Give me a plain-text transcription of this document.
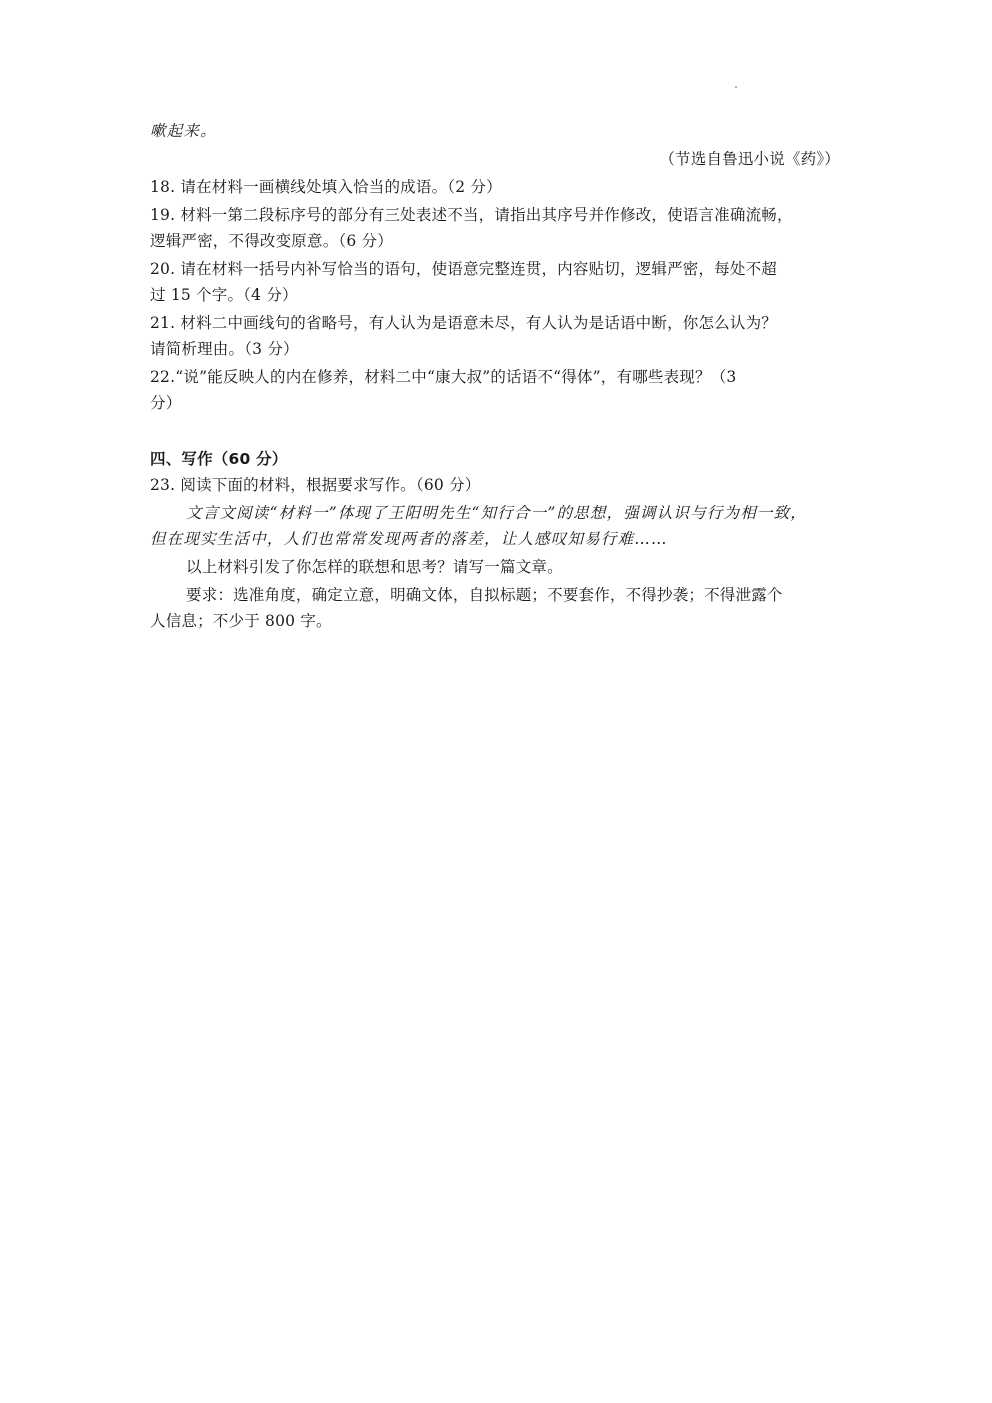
嗽起来。
（节选自鲁迅小说《药》）
18. 请在材料一画横线处填入恰当的成语。（2 分）
19. 材料一第二段标序号的部分有三处表述不当，请指出其序号并作修改，使语言准确流畅，
逻辑严密，不得改变原意。（6 分）
20. 请在材料一括号内补写恰当的语句，使语意完整连贯，内容贴切，逻辑严密，每处不超
过 15 个字。（4 分）
21. 材料二中画线句的省略号，有人认为是语意未尽，有人认为是话语中断，你怎么认为？
请简析理由。（3 分）
22.“说”能反映人的内在修养，材料二中“康大叔”的话语不“得体”，有哪些表现？（3
分）
四、写作（60 分）
23. 阅读下面的材料，根据要求写作。（60 分）
文言文阅读“材料一”体现了王阳明先生“知行合一”的思想，强调认识与行为相一致，
但在现实生活中，人们也常常发现两者的落差，让人感叹知易行难……
以上材料引发了你怎样的联想和思考？请写一篇文章。
要求：选准角度，确定立意，明确文体，自拟标题；不要套作，不得抄袭；不得泄露个
人信息；不少于 800 字。
